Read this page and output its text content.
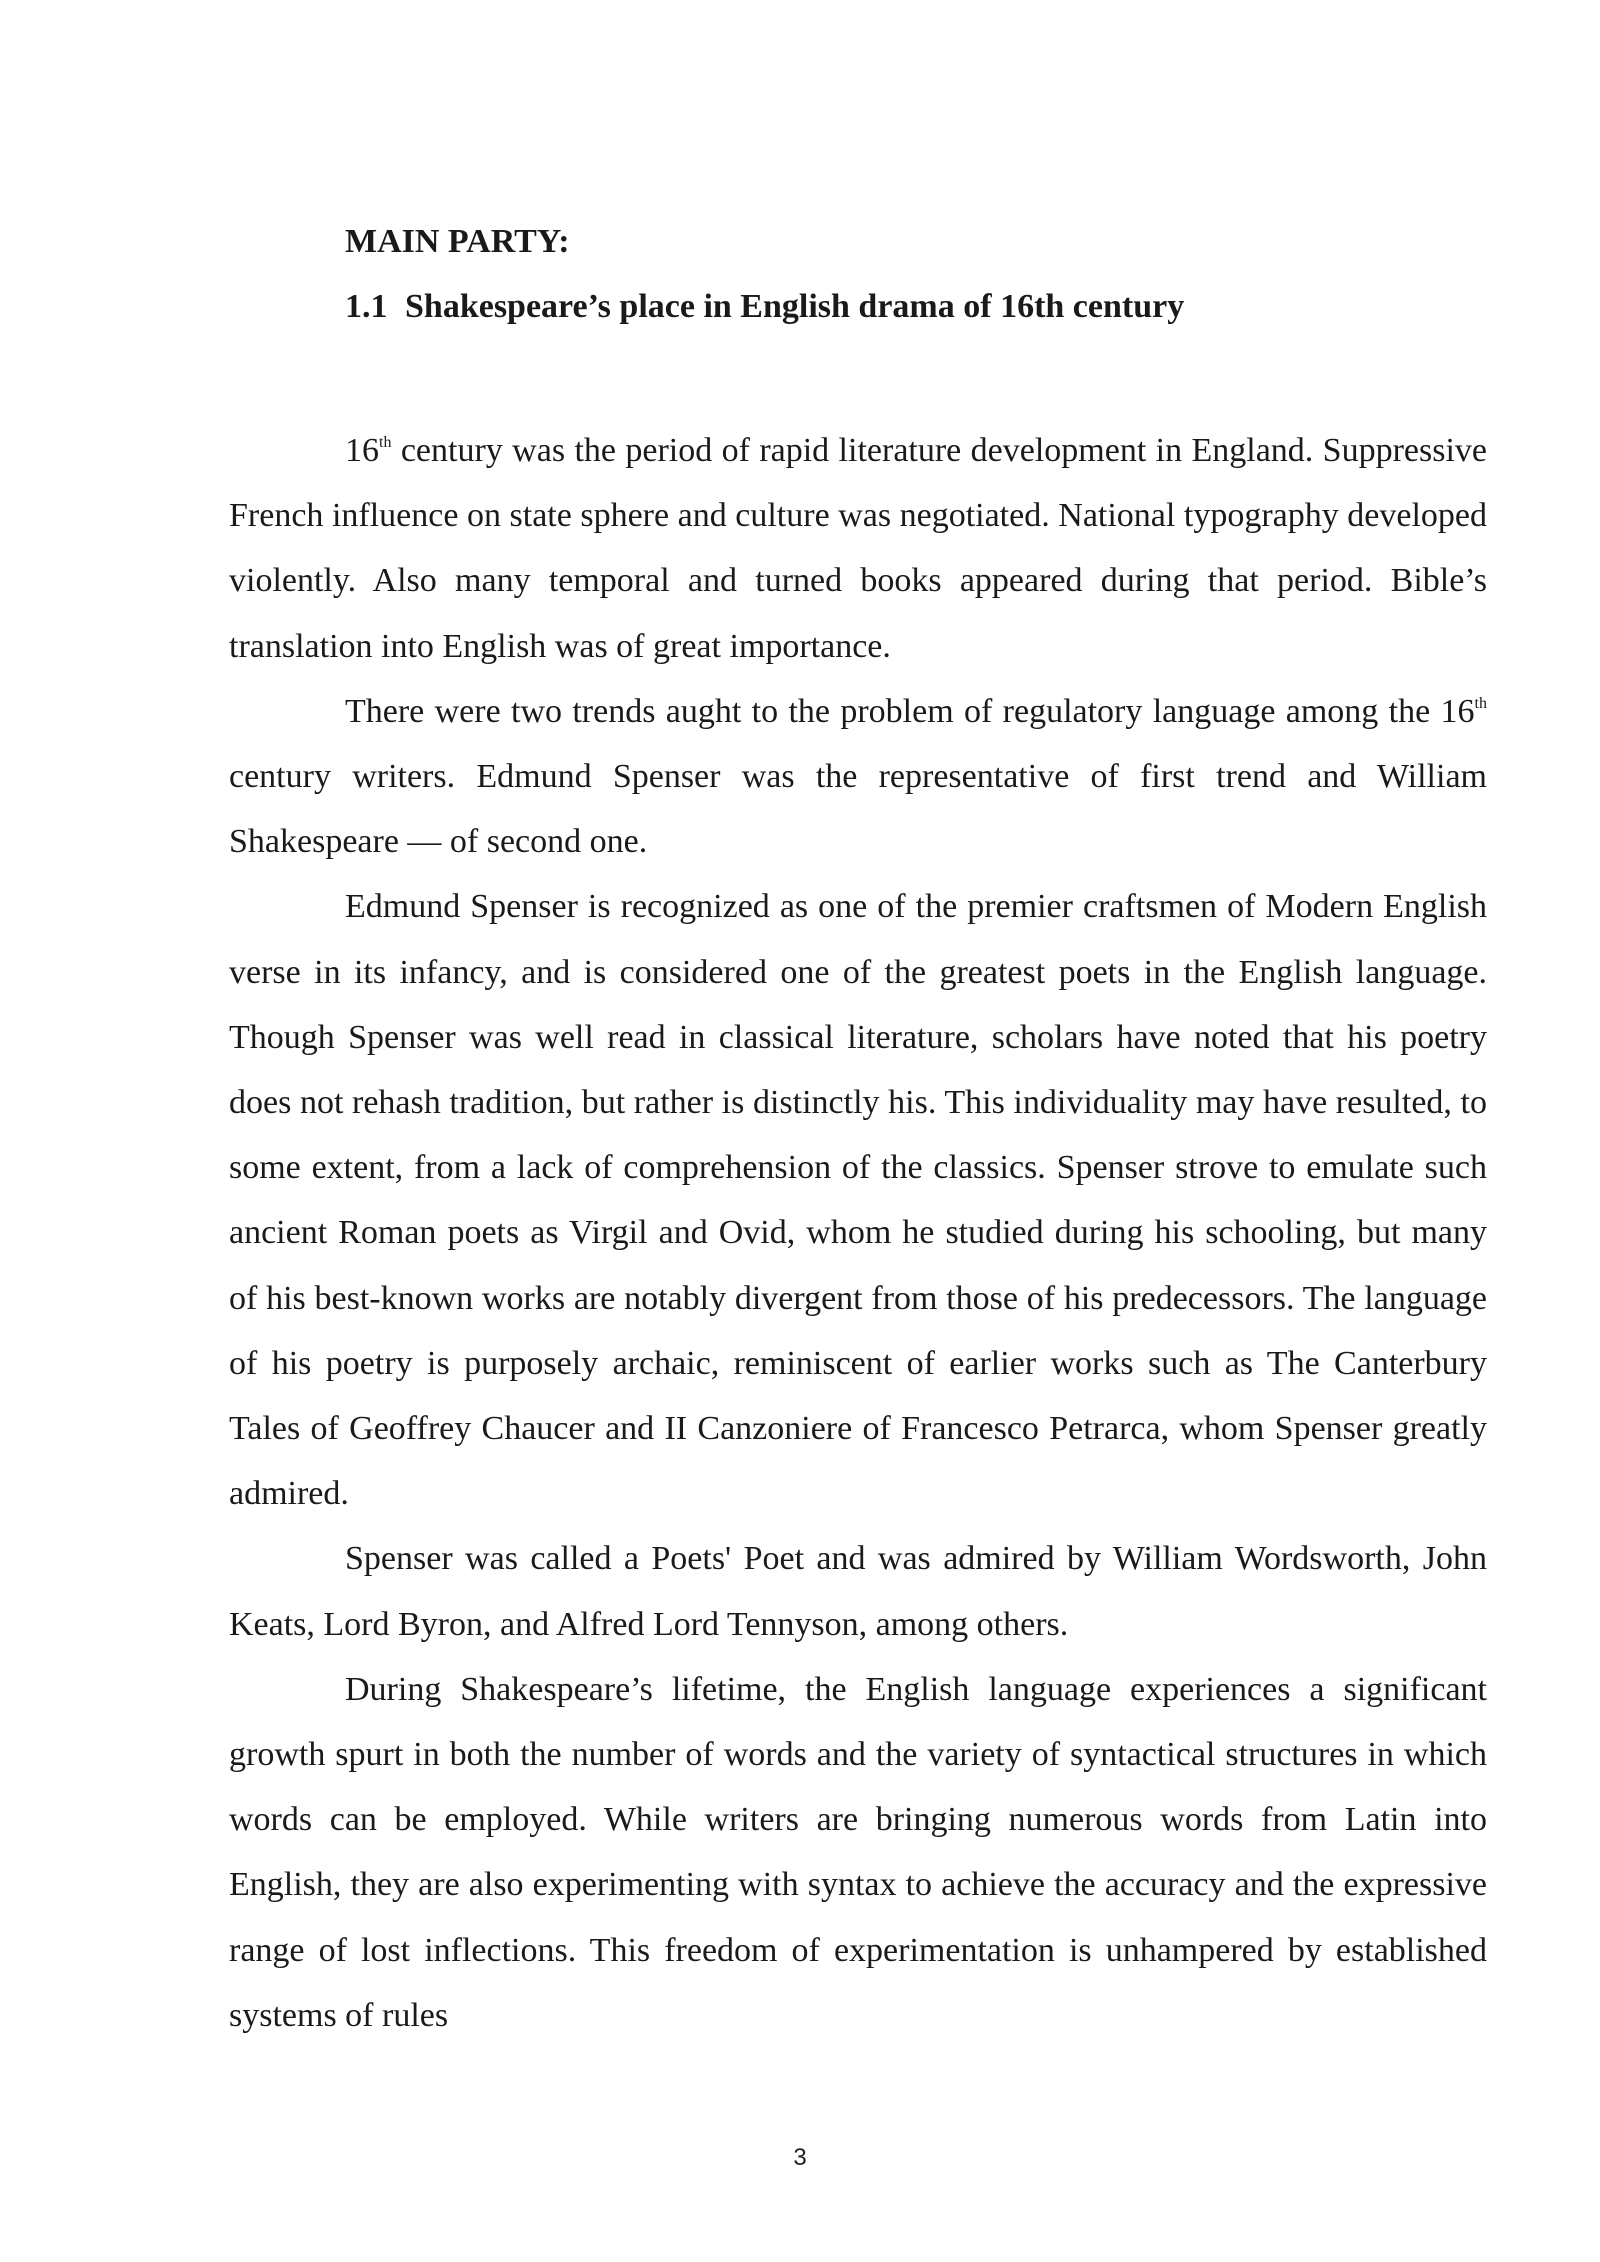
MAIN PARTY:
1.1 Shakespeare’s place in English drama of 16th century

16th century was the period of rapid literature development in England. Suppressive French influence on state sphere and culture was negotiated. National typography developed violently. Also many temporal and turned books appeared during that period. Bible’s translation into English was of great importance.

There were two trends aught to the problem of regulatory language among the 16th century writers. Edmund Spenser was the representative of first trend and William Shakespeare — of second one.

Edmund Spenser is recognized as one of the premier craftsmen of Modern English verse in its infancy, and is considered one of the greatest poets in the English language. Though Spenser was well read in classical literature, scholars have noted that his poetry does not rehash tradition, but rather is distinctly his. This individuality may have resulted, to some extent, from a lack of comprehension of the classics. Spenser strove to emulate such ancient Roman poets as Virgil and Ovid, whom he studied during his schooling, but many of his best-known works are notably divergent from those of his predecessors. The language of his poetry is purposely archaic, reminiscent of earlier works such as The Canterbury Tales of Geoffrey Chaucer and II Canzoniere of Francesco Petrarca, whom Spenser greatly admired.

Spenser was called a Poets' Poet and was admired by William Wordsworth, John Keats, Lord Byron, and Alfred Lord Tennyson, among others.

During Shakespeare’s lifetime, the English language experiences a significant growth spurt in both the number of words and the variety of syntactical structures in which words can be employed. While writers are bringing numerous words from Latin into English, they are also experimenting with syntax to achieve the accuracy and the expressive range of lost inflections. This freedom of experimentation is unhampered by established systems of rules

3
